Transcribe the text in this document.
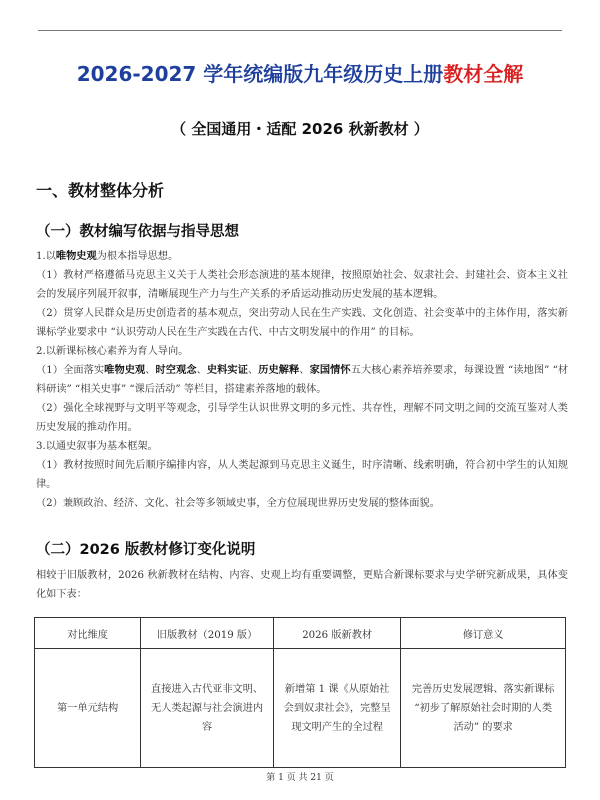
2026-2027 学年统编版九年级历史上册教材全解
（ 全国通用・适配 2026 秋新教材 ）
一、教材整体分析
（一）教材编写依据与指导思想

1.以唯物史观为根本指导思想。

（1）教材严格遵循马克思主义关于人类社会形态演进的基本规律，按照原始社会、奴隶社会、封建社会、资本主义社会的发展序列展开叙事，清晰展现生产力与生产关系的矛盾运动推动历史发展的基本逻辑。

（2）贯穿人民群众是历史创造者的基本观点，突出劳动人民在生产实践、文化创造、社会变革中的主体作用，落实新课标学业要求中 “认识劳动人民在生产实践在古代、中古文明发展中的作用” 的目标。

2.以新课标核心素养为育人导向。

（1）全面落实唯物史观、时空观念、史料实证、历史解释、家国情怀五大核心素养培养要求，每课设置 “读地图” “材料研读” “相关史事” “课后活动” 等栏目，搭建素养落地的载体。

（2）强化全球视野与文明平等观念，引导学生认识世界文明的多元性、共存性，理解不同文明之间的交流互鉴对人类历史发展的推动作用。

3.以通史叙事为基本框架。

（1）教材按照时间先后顺序编排内容，从人类起源到马克思主义诞生，时序清晰、线索明确，符合初中学生的认知规律。

（2）兼顾政治、经济、文化、社会等多领域史事，全方位展现世界历史发展的整体面貌。

（二）2026 版教材修订变化说明

相较于旧版教材，2026 秋新教材在结构、内容、史观上均有重要调整，更贴合新课标要求与史学研究新成果，具体变化如下表：

对比维度	旧版教材（2019 版）	2026 版新教材	修订意义
第一单元结构	直接进入古代亚非文明、无人类起源与社会演进内容	新增第 1 课《从原始社会到奴隶社会》，完整呈现文明产生的全过程	完善历史发展逻辑、落实新课标 “初步了解原始社会时期的人类活动” 的要求
第 1 页 共 21 页
